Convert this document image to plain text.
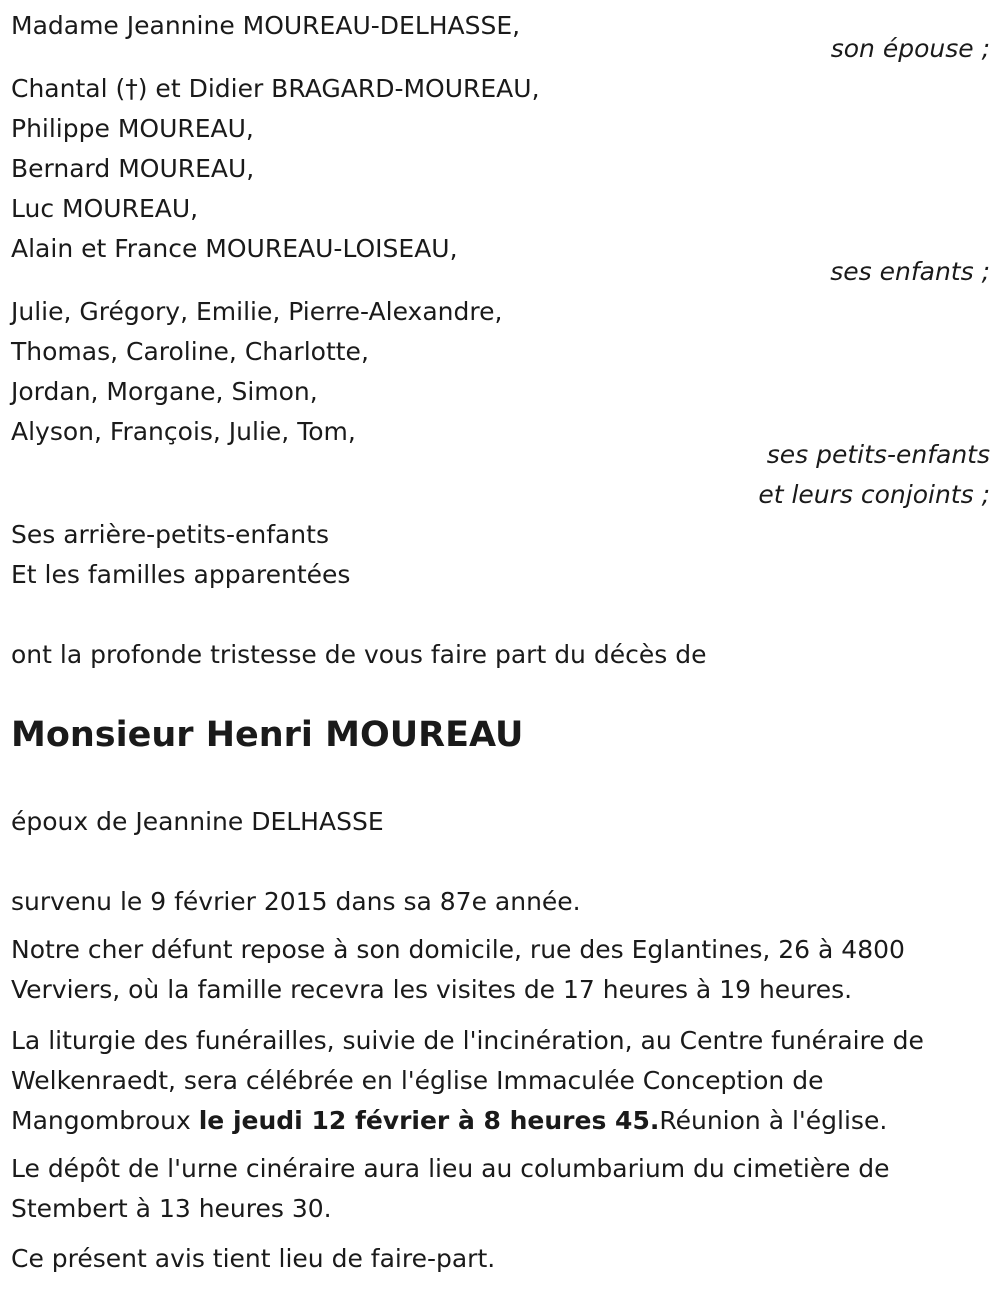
Madame Jeannine MOUREAU-DELHASSE,
son épouse ;
Chantal (†) et Didier BRAGARD-MOUREAU,
Philippe MOUREAU,
Bernard MOUREAU,
Luc MOUREAU,
Alain et France MOUREAU-LOISEAU,
ses enfants ;
Julie, Grégory, Emilie, Pierre-Alexandre,
Thomas, Caroline, Charlotte,
Jordan, Morgane, Simon,
Alyson, François, Julie, Tom,
ses petits-enfants
et leurs conjoints ;
Ses arrière-petits-enfants
Et les familles apparentées
ont la profonde tristesse de vous faire part du décès de
Monsieur Henri MOUREAU
époux de Jeannine DELHASSE
survenu le 9 février 2015 dans sa 87e année.
Notre cher défunt repose à son domicile, rue des Eglantines, 26 à 4800 Verviers, où la famille recevra les visites de 17 heures à 19 heures.
La liturgie des funérailles, suivie de l'incinération, au Centre funéraire de Welkenraedt, sera célébrée en l'église Immaculée Conception de Mangombroux le jeudi 12 février à 8 heures 45.Réunion à l'église.
Le dépôt de l'urne cinéraire aura lieu au columbarium du cimetière de Stembert à 13 heures 30.
Ce présent avis tient lieu de faire-part.
